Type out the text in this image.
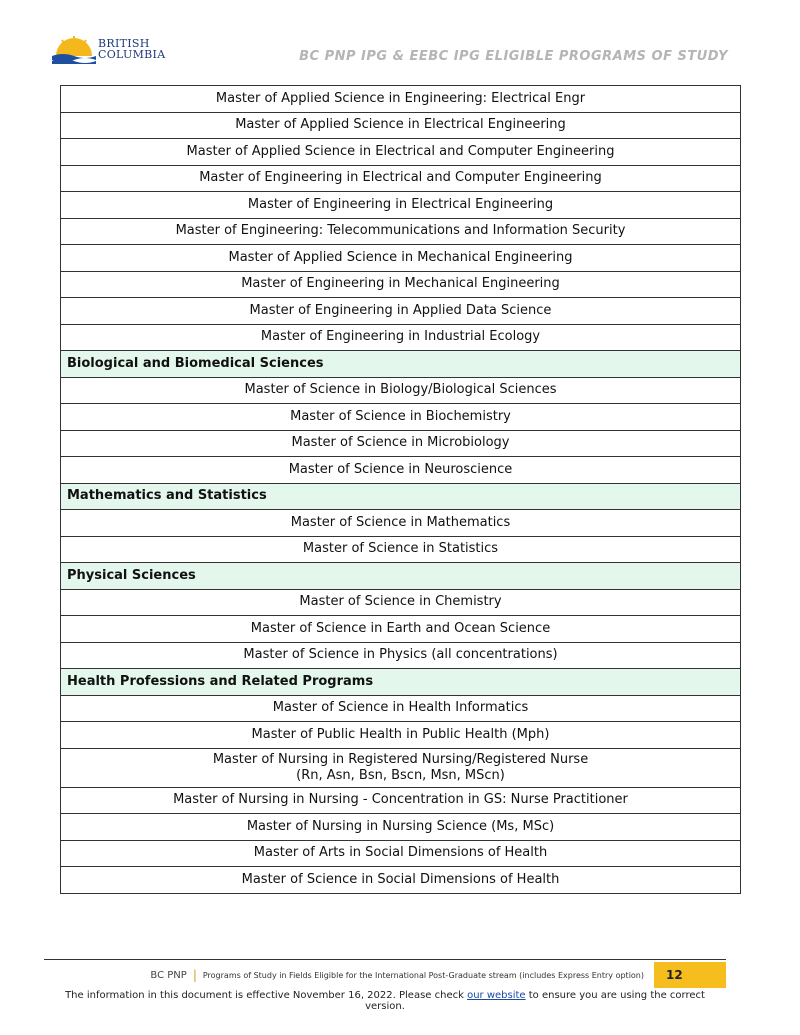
BRITISH
COLUMBIA	BC PNP IPG & EEBC IPG ELIGIBLE PROGRAMS OF STUDY
Master of Applied Science in Engineering: Electrical Engr

Master of Applied Science in Electrical Engineering

Master of Applied Science in Electrical and Computer Engineering

Master of Engineering in Electrical and Computer Engineering

Master of Engineering in Electrical Engineering

Master of Engineering: Telecommunications and Information Security

Master of Applied Science in Mechanical Engineering

Master of Engineering in Mechanical Engineering

Master of Engineering in Applied Data Science

Master of Engineering in Industrial Ecology

Biological and Biomedical Sciences

Master of Science in Biology/Biological Sciences

Master of Science in Biochemistry

Master of Science in Microbiology

Master of Science in Neuroscience

Mathematics and Statistics

Master of Science in Mathematics

Master of Science in Statistics

Physical Sciences

Master of Science in Chemistry

Master of Science in Earth and Ocean Science

Master of Science in Physics (all concentrations)

Health Professions and Related Programs

Master of Science in Health Informatics

Master of Public Health in Public Health (Mph)

Master of Nursing in Registered Nursing/Registered Nurse
(Rn, Asn, Bsn, Bscn, Msn, MScn)

Master of Nursing in Nursing - Concentration in GS: Nurse Practitioner

Master of Nursing in Nursing Science (Ms, MSc)

Master of Arts in Social Dimensions of Health

Master of Science in Social Dimensions of Health
BC PNP | Programs of Study in Fields Eligible for the International Post-Graduate stream (includes Express Entry option)	12
The information in this document is effective November 16, 2022. Please check our website to ensure you are using the correct version.
